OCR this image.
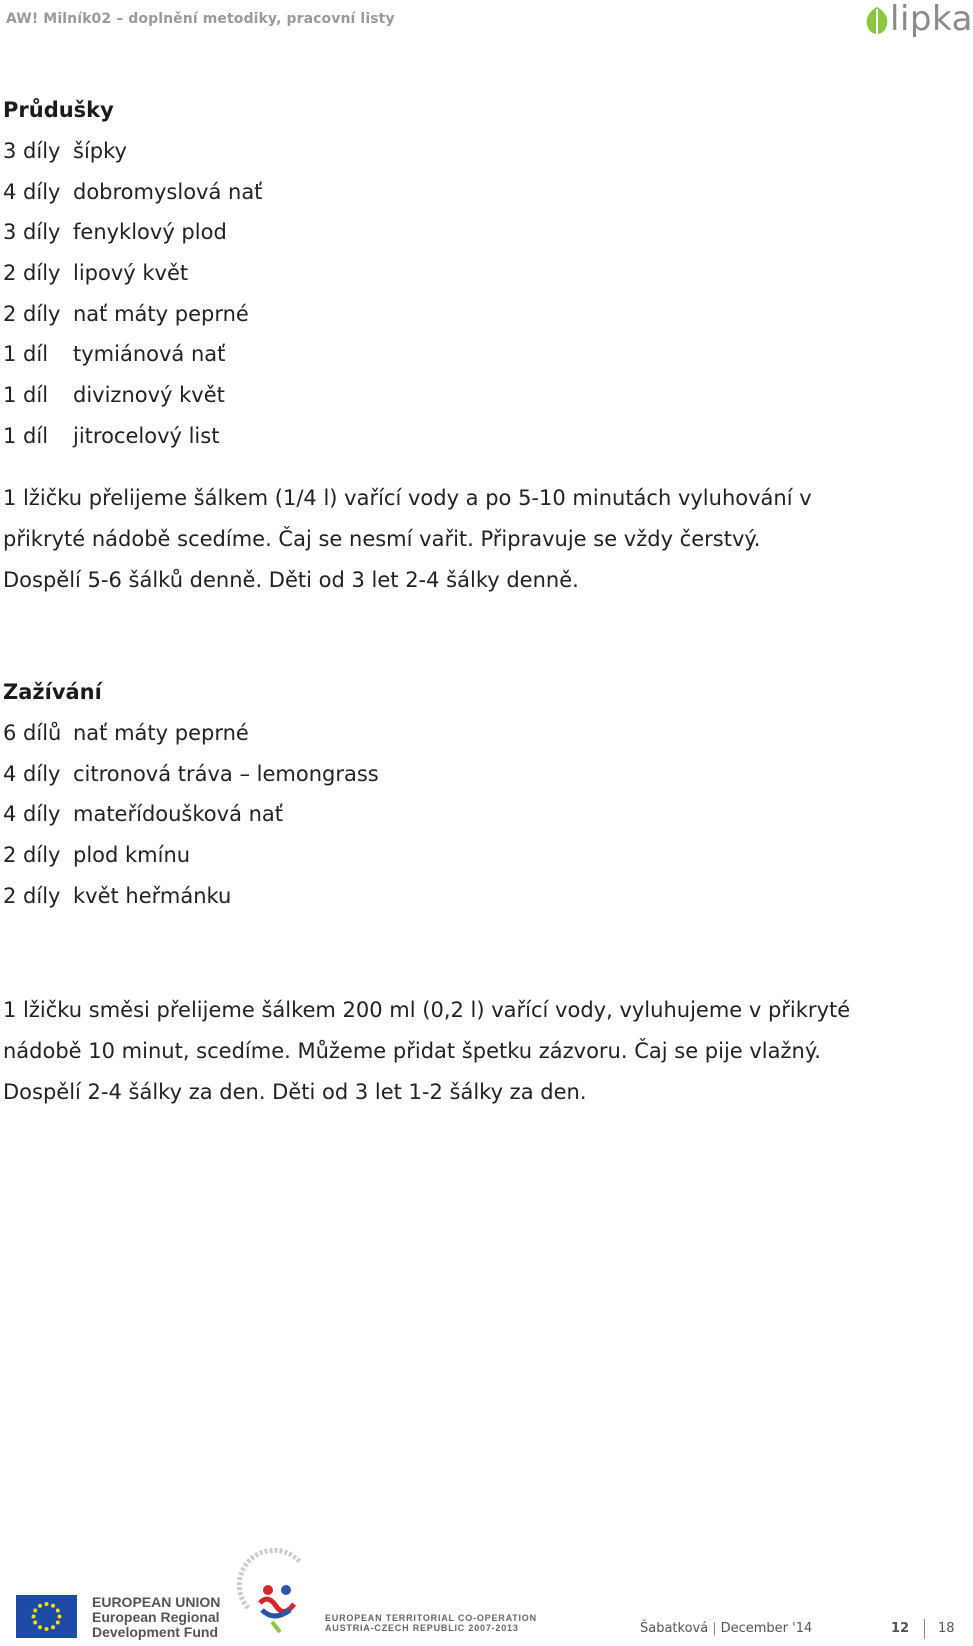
AW! Milník02 – doplnění metodiky, pracovní listy	lipka
Průdušky
3 díly šípky
4 díly dobromyslová nať
3 díly fenyklový plod
2 díly lipový květ
2 díly nať máty peprné
1 díl tymiánová nať
1 díl diviznový květ
1 díl jitrocelový list
1 lžičku přelijeme šálkem (1/4 l) vařící vody a po 5-10 minutách vyluhování v
přikryté nádobě scedíme. Čaj se nesmí vařit. Připravuje se vždy čerstvý.
Dospělí 5-6 šálků denně. Děti od 3 let 2-4 šálky denně.
Zažívání
6 dílů nať máty peprné
4 díly citronová tráva – lemongrass
4 díly mateřídoušková nať
2 díly plod kmínu
2 díly květ heřmánku
1 lžičku směsi přelijeme šálkem 200 ml (0,2 l) vařící vody, vyluhujeme v přikryté
nádobě 10 minut, scedíme. Můžeme přidat špetku zázvoru. Čaj se pije vlažný.
Dospělí 2-4 šálky za den. Děti od 3 let 1-2 šálky za den.
EUROPEAN UNION
European Regional
Development Fund
EUROPEAN TERRITORIAL CO-OPERATION
AUSTRIA-CZECH REPUBLIC 2007-2013	Šabatková | December '14	12 18
